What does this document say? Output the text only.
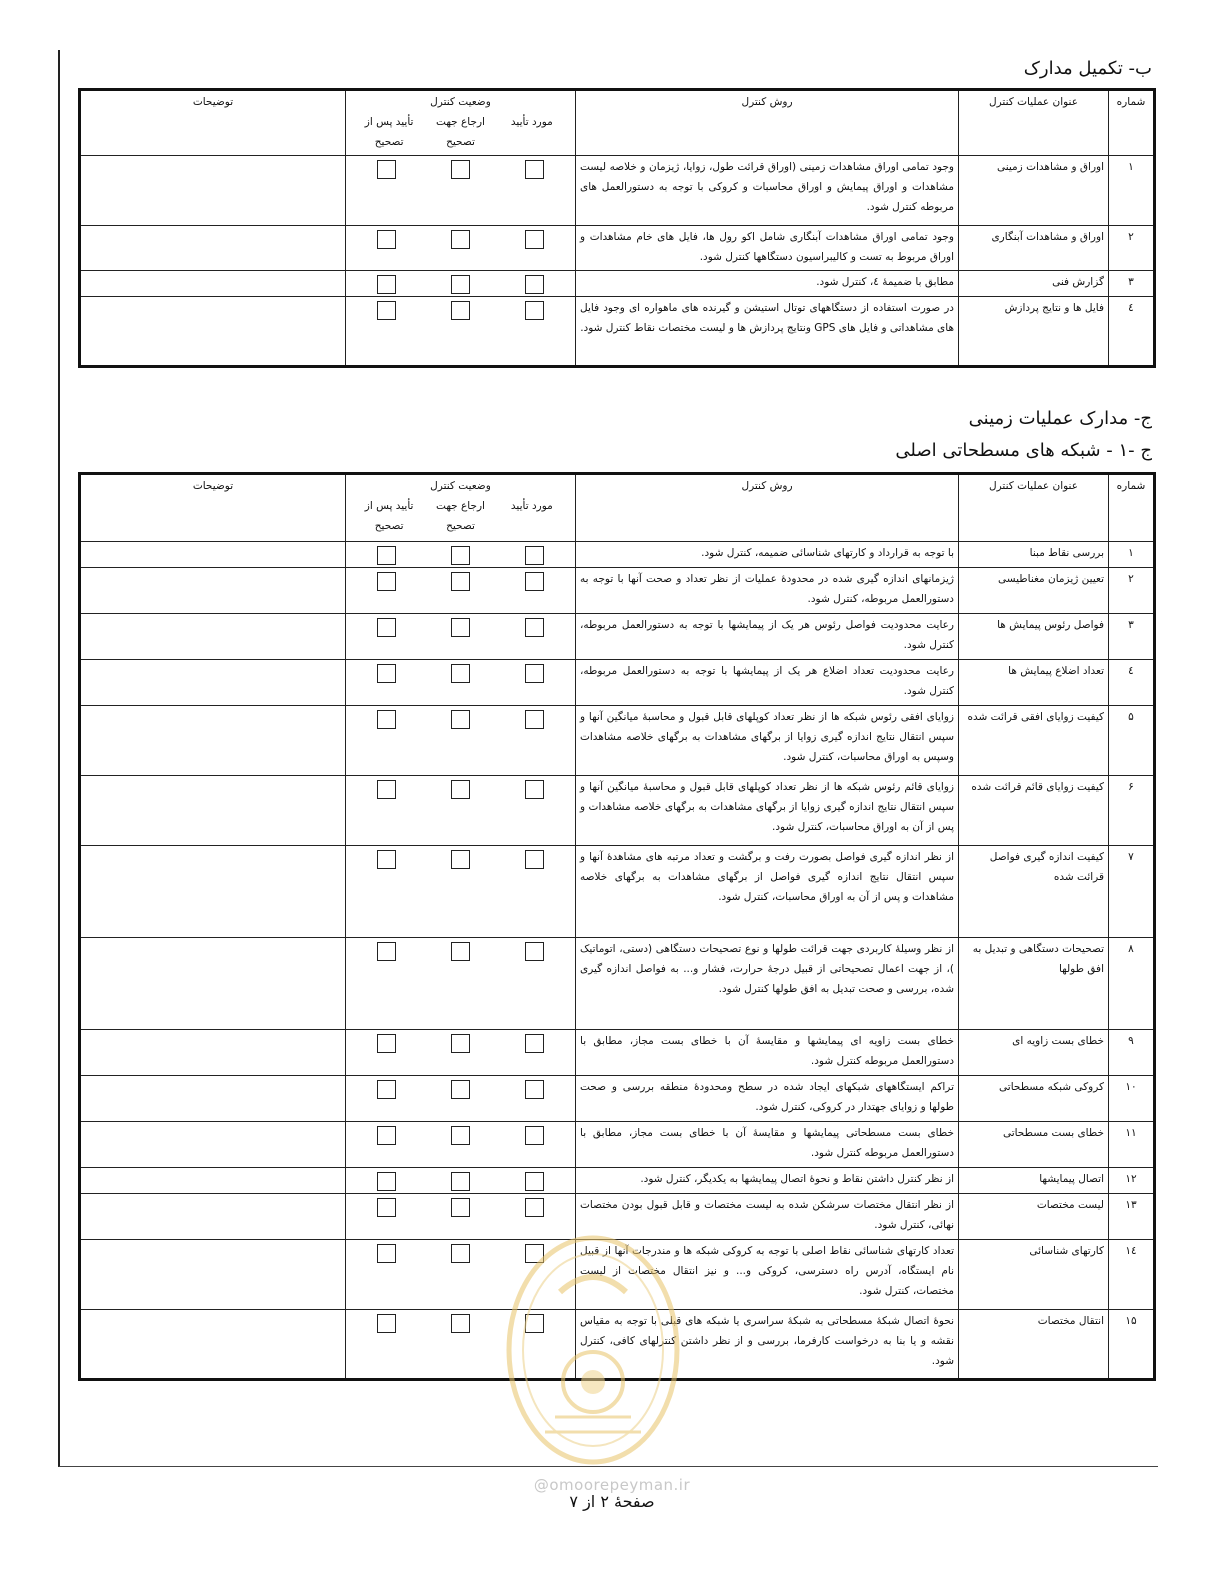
ب- تکمیل مدارک
شماره	عنوان عملیات کنترل	روش کنترل	وضعیت کنترل
مورد تأیید
ارجاع جهت تصحیح
تأیید پس از تصحیح	توضیحات
۱	اوراق و مشاهدات زمینی	وجود تمامی اوراق مشاهدات زمینی (اوراق قرائت طول، زوایا، ژیزمان و خلاصه لیست مشاهدات و اوراق پیمایش و اوراق محاسبات و کروکی با توجه به دستورالعمل های مربوطه کنترل شود.	

۲	اوراق و مشاهدات آبنگاری	وجود تمامی اوراق مشاهدات آبنگاری شامل اکو رول ها، فایل های خام مشاهدات و اوراق مربوط به تست و کالیبراسیون دستگاهها کنترل شود.	

۳	گزارش فنی	مطابق با ضمیمهٔ ٤، کنترل شود.	

٤	فایل ها و نتایج پردازش	در صورت استفاده از دستگاههای توتال استیشن و گیرنده های ماهواره ای وجود فایل های مشاهداتی و فایل های GPS ونتایج پردازش ها و لیست مختصات نقاط کنترل شود.	

ج- مدارک عملیات زمینی
ج -۱ - شبکه های مسطحاتی اصلی
شماره	عنوان عملیات کنترل	روش کنترل	وضعیت کنترل
مورد تأیید
ارجاع جهت تصحیح
تأیید پس از تصحیح	توضیحات
۱	بررسی نقاط مبنا	با توجه به قرارداد و کارتهای شناسائی ضمیمه، کنترل شود.	

۲	تعیین ژیزمان مغناطیسی	ژیزمانهای اندازه گیری شده در محدودهٔ عملیات از نظر تعداد و صحت آنها با توجه به دستورالعمل مربوطه، کنترل شود.	

۳	فواصل رئوس پیمایش ها	رعایت محدودیت فواصل رئوس هر یک از پیمایشها با توجه به دستورالعمل مربوطه، کنترل شود.	

٤	تعداد اضلاع پیمایش ها	رعایت محدودیت تعداد اضلاع هر یک از پیمایشها با توجه به دستورالعمل مربوطه، کنترل شود.	

۵	کیفیت زوایای افقی قرائت شده	زوایای افقی رئوس شبکه ها از نظر تعداد کوپلهای قابل قبول و محاسبهٔ میانگین آنها و سپس انتقال نتایج اندازه گیری زوایا از برگهای مشاهدات به برگهای خلاصه مشاهدات وسپس به اوراق محاسبات، کنترل شود.	

۶	کیفیت زوایای قائم قرائت شده	زوایای قائم رئوس شبکه ها از نظر تعداد کوپلهای قابل قبول و محاسبهٔ میانگین آنها و سپس انتقال نتایج اندازه گیری زوایا از برگهای مشاهدات به برگهای خلاصه مشاهدات و پس از آن به اوراق محاسبات، کنترل شود.	

۷	کیفیت اندازه گیری فواصل قرائت شده	از نظر اندازه گیری فواصل بصورت رفت و برگشت و تعداد مرتبه های مشاهدهٔ آنها و سپس انتقال نتایج اندازه گیری فواصل از برگهای مشاهدات به برگهای خلاصه مشاهدات و پس از آن به اوراق محاسبات، کنترل شود.	

۸	تصحیحات دستگاهی و تبدیل به افق طولها	از نظر وسیلهٔ کاربردی جهت قرائت طولها و نوع تصحیحات دستگاهی (دستی، اتوماتیک )، از جهت اعمال تصحیحاتی از قبیل درجهٔ حرارت، فشار و... به فواصل اندازه گیری شده، بررسی و صحت تبدیل به افق طولها کنترل شود.	

۹	خطای بست زاویه ای	خطای بست زاویه ای پیمایشها و مقایسهٔ آن با خطای بست مجاز، مطابق با دستورالعمل مربوطه کنترل شود.	

۱۰	کروکی شبکه مسطحاتی	تراکم ایستگاههای شبکهای ایجاد شده در سطح ومحدودهٔ منطقه بررسی و صحت طولها و زوایای جهتدار در کروکی، کنترل شود.	

۱۱	خطای بست مسطحاتی	خطای بست مسطحاتی پیمایشها و مقایسهٔ آن با خطای بست مجاز، مطابق با دستورالعمل مربوطه کنترل شود.	

۱۲	اتصال پیمایشها	از نظر کنترل داشتن نقاط و نحوهٔ اتصال پیمایشها به یکدیگر، کنترل شود.	

۱۳	لیست مختصات	از نظر انتقال مختصات سرشکن شده به لیست مختصات و قابل قبول بودن مختصات نهائی، کنترل شود.	

۱٤	کارتهای شناسائی	تعداد کارتهای شناسائی نقاط اصلی با توجه به کروکی شبکه ها و مندرجات آنها از قبیل نام ایستگاه، آدرس راه دسترسی، کروکی و... و نیز انتقال مختصات از لیست مختصات، کنترل شود.	

۱۵	انتقال مختصات	نحوهٔ اتصال شبکهٔ مسطحاتی به شبکهٔ سراسری یا شبکه های قبلی با توجه به مقیاس نقشه و یا بنا به درخواست کارفرما، بررسی و از نظر داشتن کنترلهای کافی، کنترل شود.	

@omoorepeyman.ir
صفحهٔ ۲ از ۷
